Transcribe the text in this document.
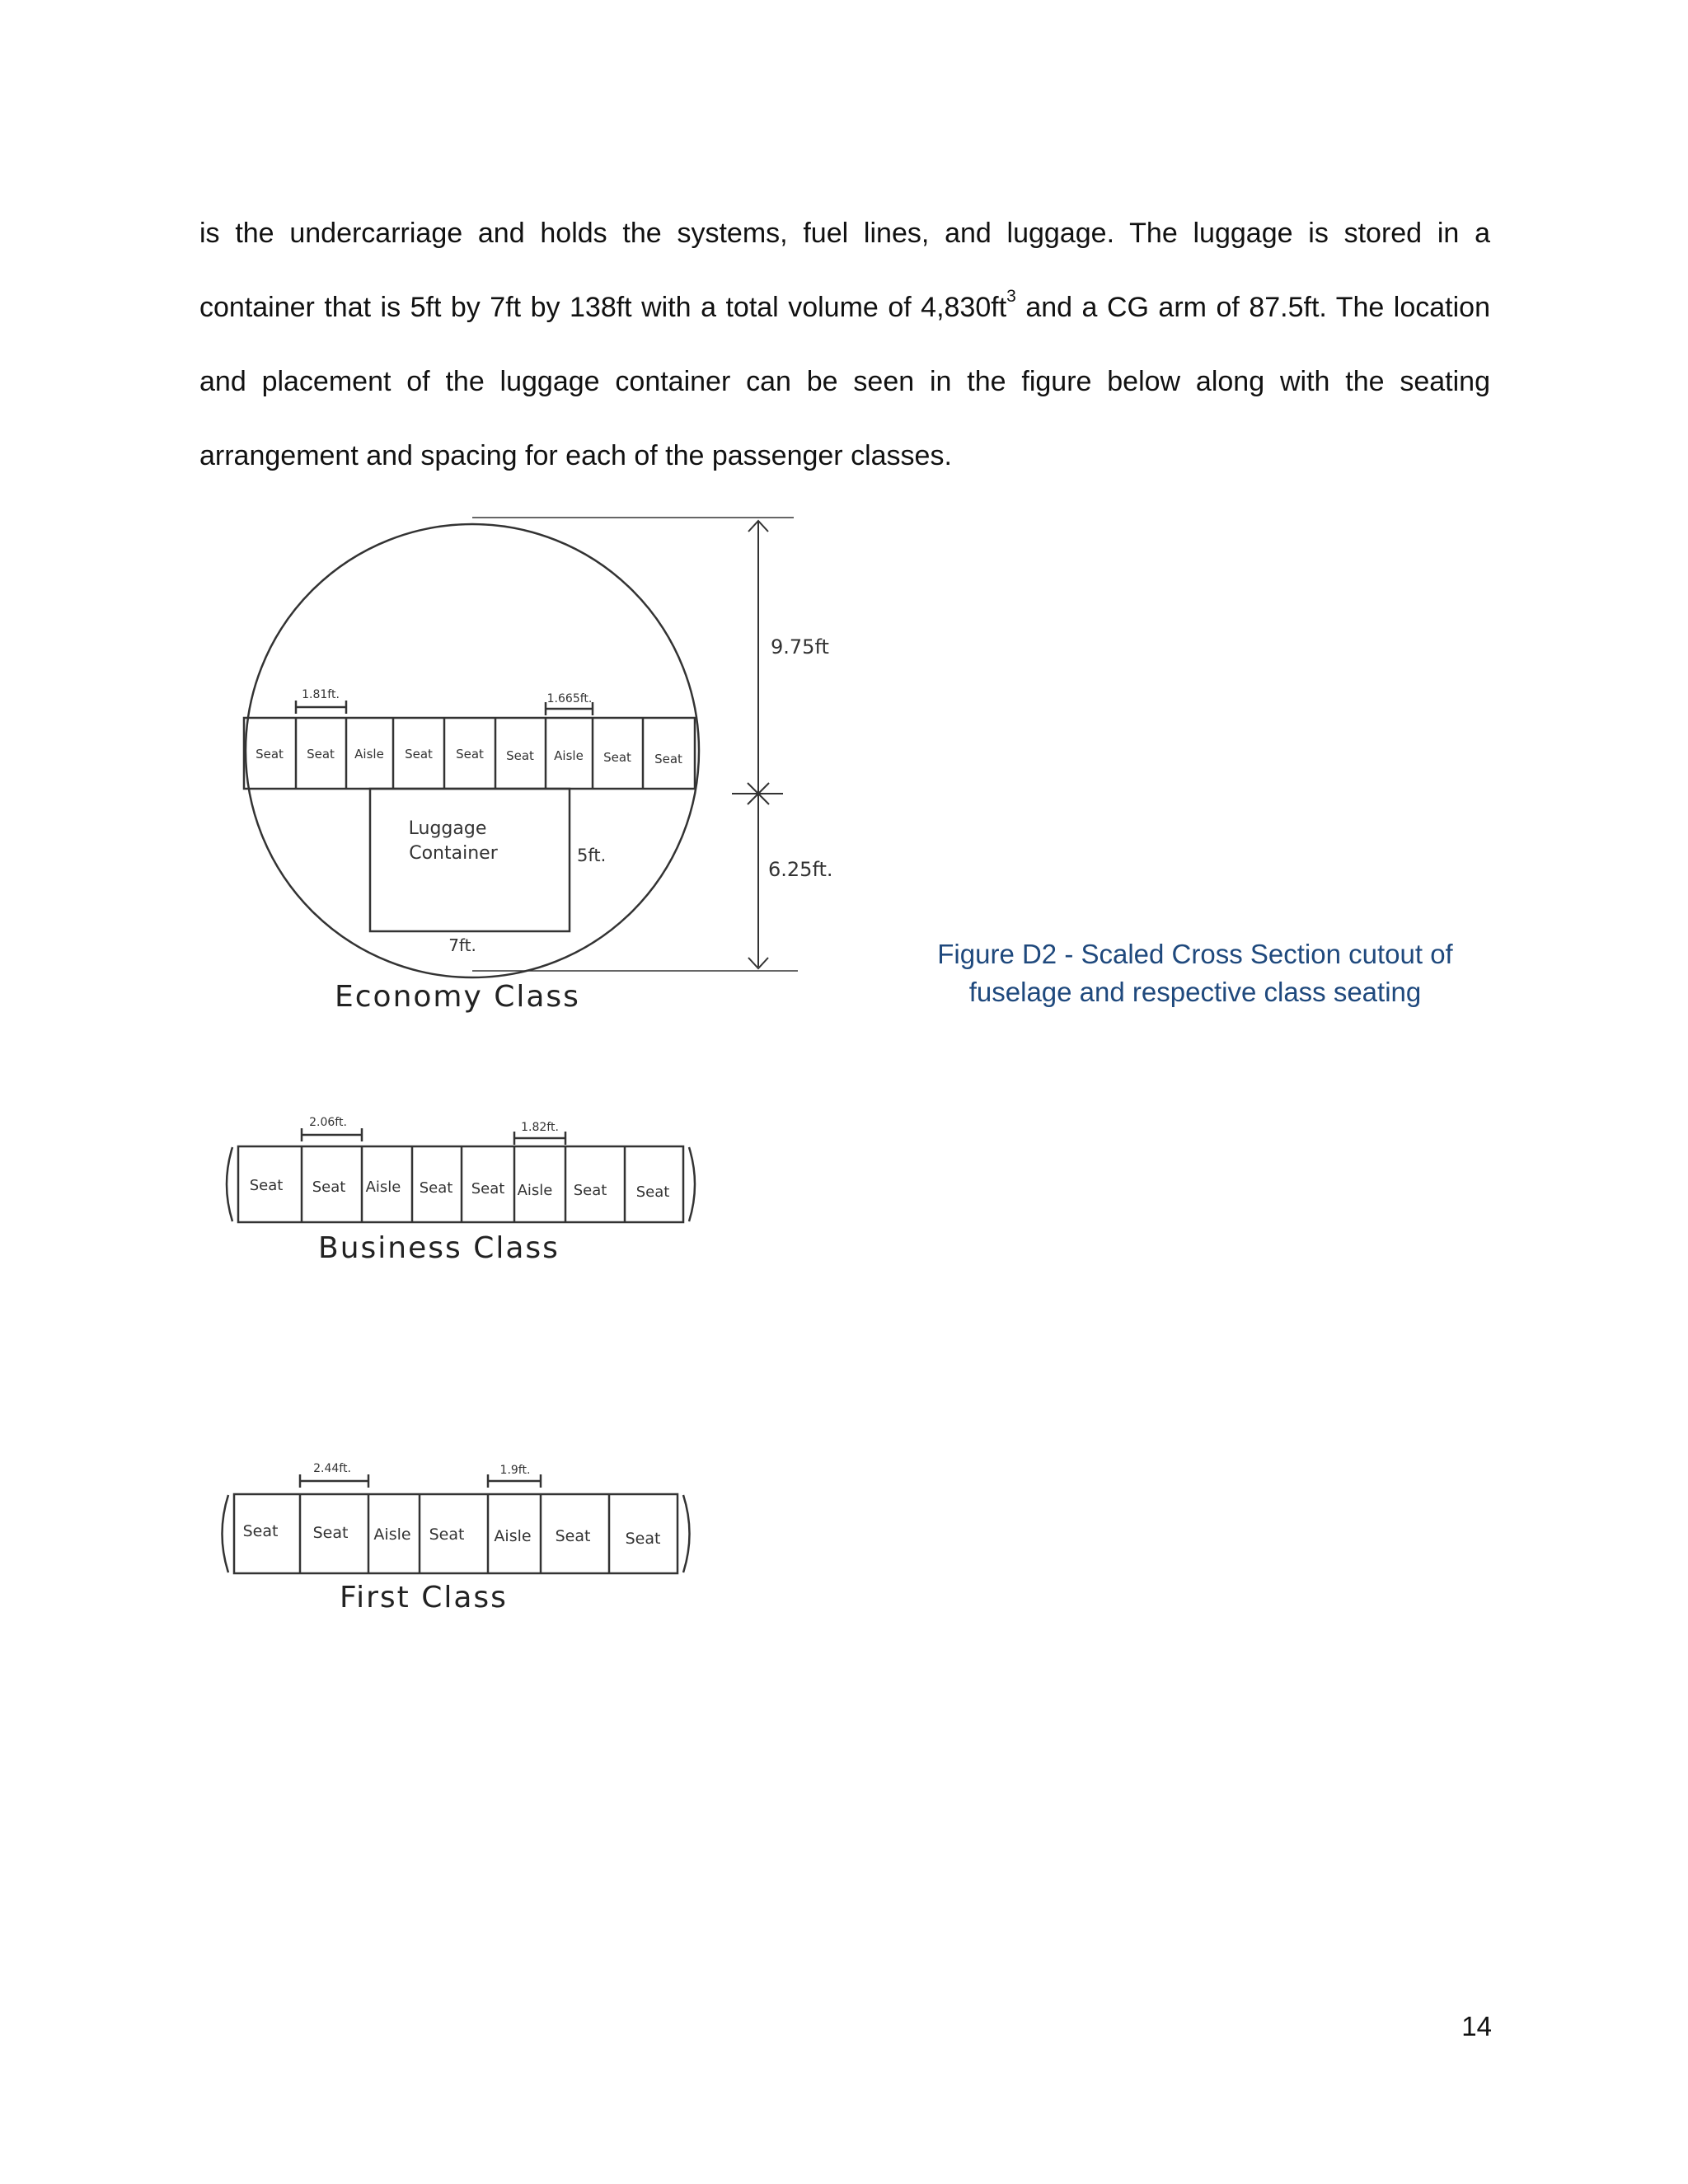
is the undercarriage and holds the systems, fuel lines, and luggage. The luggage is stored in a container that is 5ft by 7ft by 138ft with a total volume of $4,830ft^3$ and a CG arm of 87.5ft. The location and placement of the luggage container can be seen in the figure below along with the seating arrangement and spacing for each of the passenger classes.

Seat Seat Aisle Seat Seat Seat Aisle Seat Seat
1.81ft.	1.665ft.
9.75ft
6.25ft.
Luggage
Container	5ft.
7ft.
Economy Class
Seat Seat Aisle Seat Seat Aisle Seat Seat
2.06ft.	1.82ft.
Business Class
Seat Seat Aisle Seat Aisle Seat Seat
2.44ft.	1.9ft.
First Class

Figure D2 - Scaled Cross Section cutout of
fuselage and respective class seating

14
